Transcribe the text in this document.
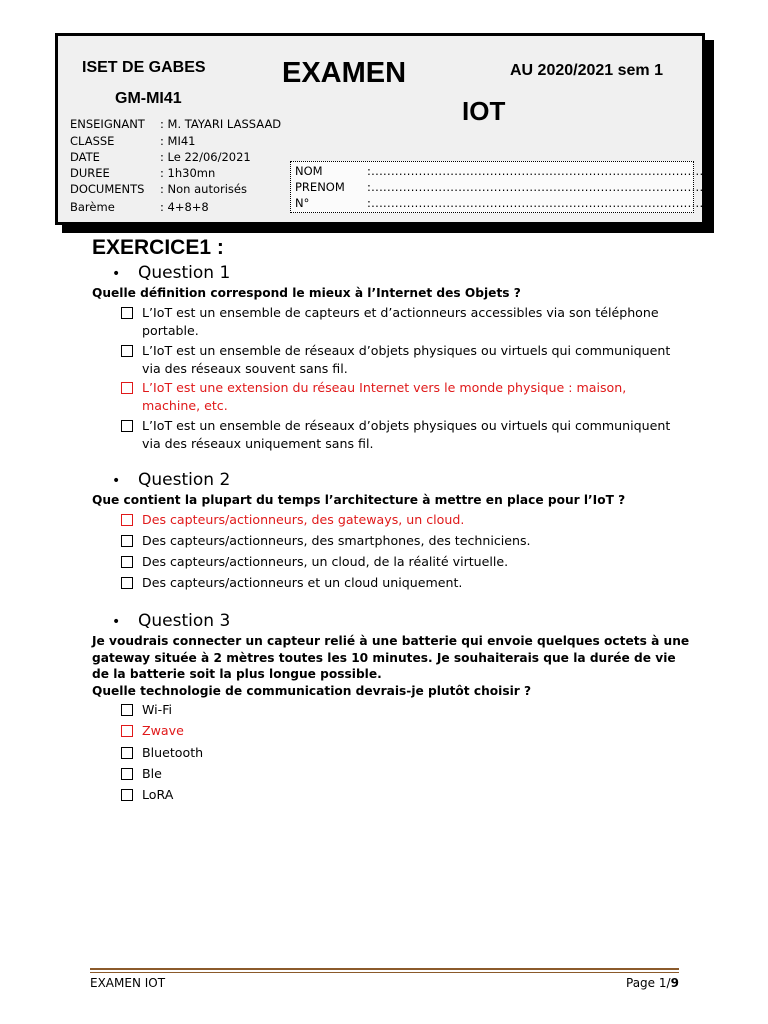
ISET DE GABES
GM-MI41
EXAMEN
IOT
AU 2020/2021 sem 1
ENSEIGNANT : M. TAYARI LASSAAD
CLASSE	: MI41
DATE	: Le 22/06/2021
DUREE	: 1h30mn
DOCUMENTS : Non autorisés
Barème	: 4+8+8
NOM	:......................................................................................
PRENOM :.....................................................................................
N°	:.....................................................................................
EXERCICE1 :
• Question 1
Quelle définition correspond le mieux à l’Internet des Objets ?
L’IoT est un ensemble de capteurs et d’actionneurs accessibles via son téléphone portable.
L’IoT est un ensemble de réseaux d’objets physiques ou virtuels qui communiquent via des réseaux souvent sans fil.
L’IoT est une extension du réseau Internet vers le monde physique : maison, machine, etc.
L’IoT est un ensemble de réseaux d’objets physiques ou virtuels qui communiquent via des réseaux uniquement sans fil.
• Question 2
Que contient la plupart du temps l’architecture à mettre en place pour l’IoT ?
Des capteurs/actionneurs, des gateways, un cloud.
Des capteurs/actionneurs, des smartphones, des techniciens.
Des capteurs/actionneurs, un cloud, de la réalité virtuelle.
Des capteurs/actionneurs et un cloud uniquement.
• Question 3
Je voudrais connecter un capteur relié à une batterie qui envoie quelques octets à une gateway située à 2 mètres toutes les 10 minutes. Je souhaiterais que la durée de vie de la batterie soit la plus longue possible.
Quelle technologie de communication devrais-je plutôt choisir ?
Wi-Fi
Zwave
Bluetooth
Ble
LoRA
EXAMEN IOT	Page 1/9
